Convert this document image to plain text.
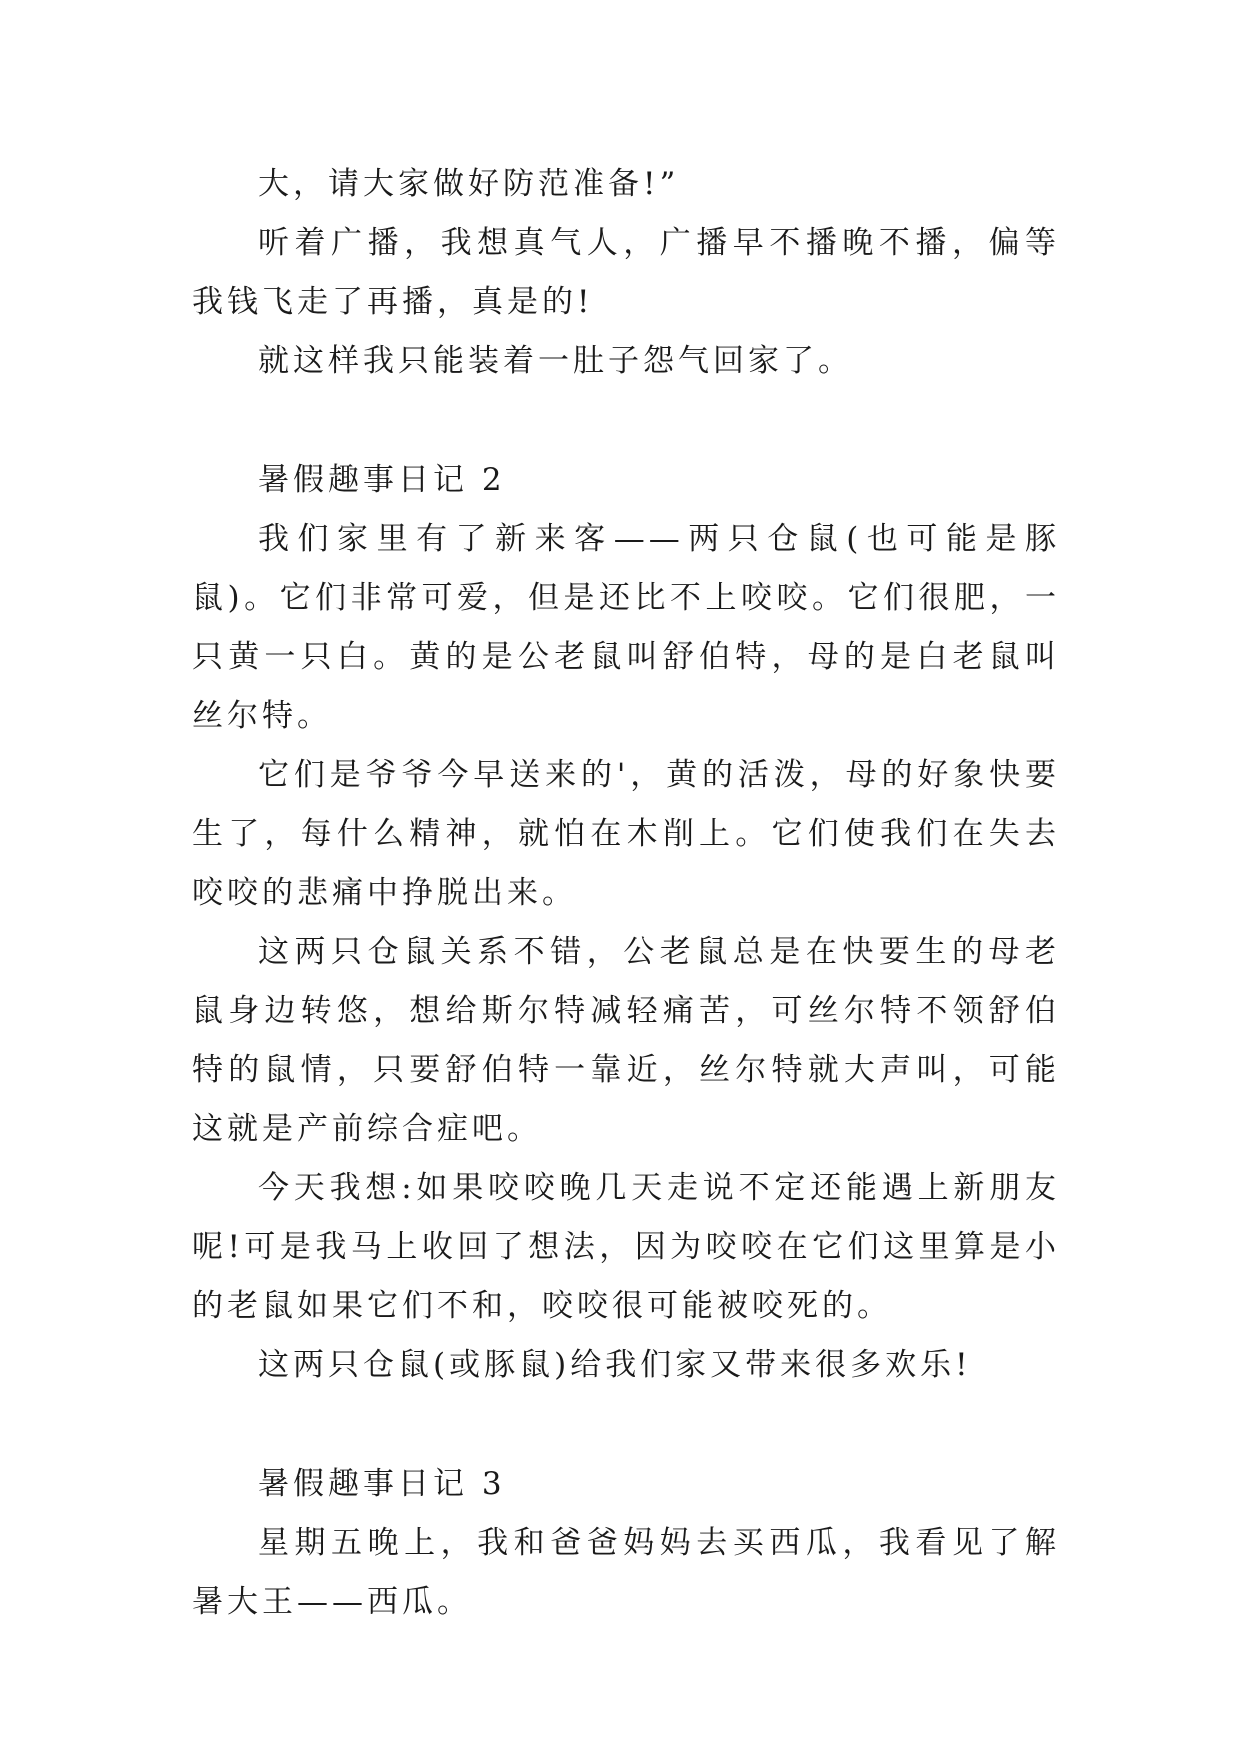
大，请大家做好防范准备!”

听着广播，我想真气人，广播早不播晚不播，偏等我钱飞走了再播，真是的!

就这样我只能装着一肚子怨气回家了。

暑假趣事日记 2

我们家里有了新来客——两只仓鼠(也可能是豚鼠)。它们非常可爱，但是还比不上咬咬。它们很肥，一只黄一只白。黄的是公老鼠叫舒伯特，母的是白老鼠叫丝尔特。

它们是爷爷今早送来的'，黄的活泼，母的好象快要生了，每什么精神，就怕在木削上。它们使我们在失去咬咬的悲痛中挣脱出来。

这两只仓鼠关系不错，公老鼠总是在快要生的母老鼠身边转悠，想给斯尔特减轻痛苦，可丝尔特不领舒伯特的鼠情，只要舒伯特一靠近，丝尔特就大声叫，可能这就是产前综合症吧。

今天我想:如果咬咬晚几天走说不定还能遇上新朋友呢!可是我马上收回了想法，因为咬咬在它们这里算是小的老鼠如果它们不和，咬咬很可能被咬死的。

这两只仓鼠(或豚鼠)给我们家又带来很多欢乐!

暑假趣事日记 3

星期五晚上，我和爸爸妈妈去买西瓜，我看见了解暑大王——西瓜。
